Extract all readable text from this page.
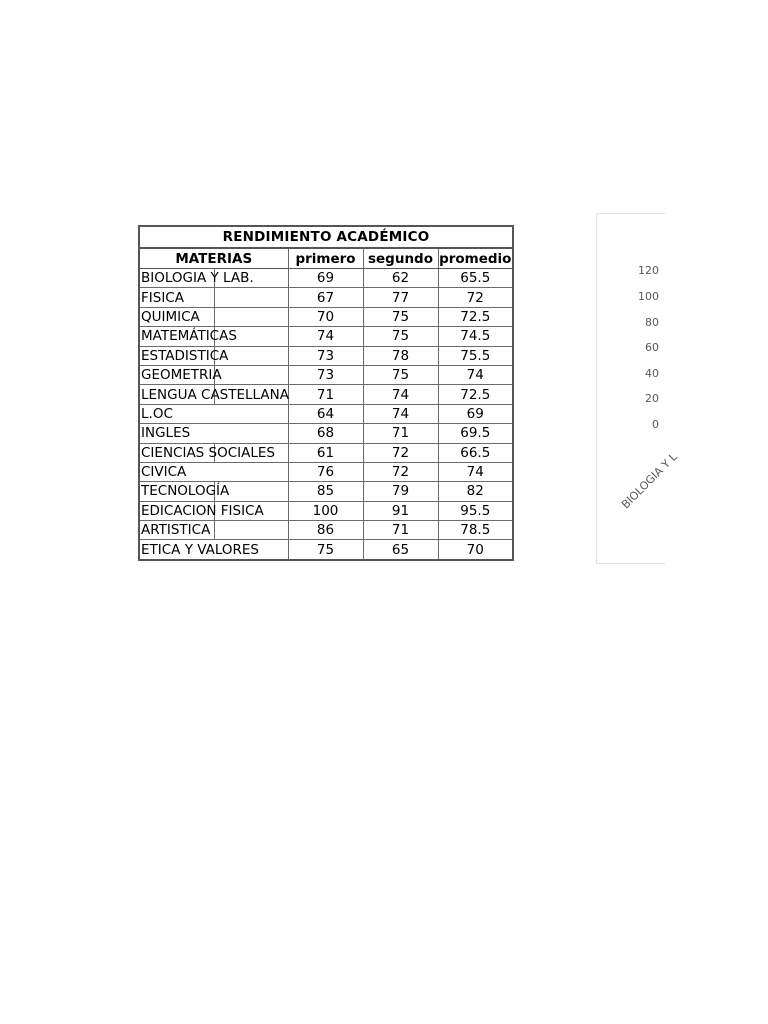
RENDIMIENTO ACADÉMICO			
MATERIAS	primero	segundo	promedio

BIOLOGIA Y LAB.	69	62	65.5

FISICA	67	77	72

QUIMICA	70	75	72.5

MATEMÁTICAS	74	75	74.5

ESTADISTICA	73	78	75.5

GEOMETRIA	73	75	74

LENGUA CASTELLANA	71	74	72.5
L.OC	64	74	69
INGLES	68	71	69.5

CIENCIAS SOCIALES	61	72	66.5
CIVICA	76	72	74

TECNOLOGÍA	85	79	82

EDICACION FISICA	100	91	95.5

ARTISTICA	86	71	78.5
ETICA Y VALORES	75	65	70
120
100
80
60
40
20
0
BIOLOGIA Y L
